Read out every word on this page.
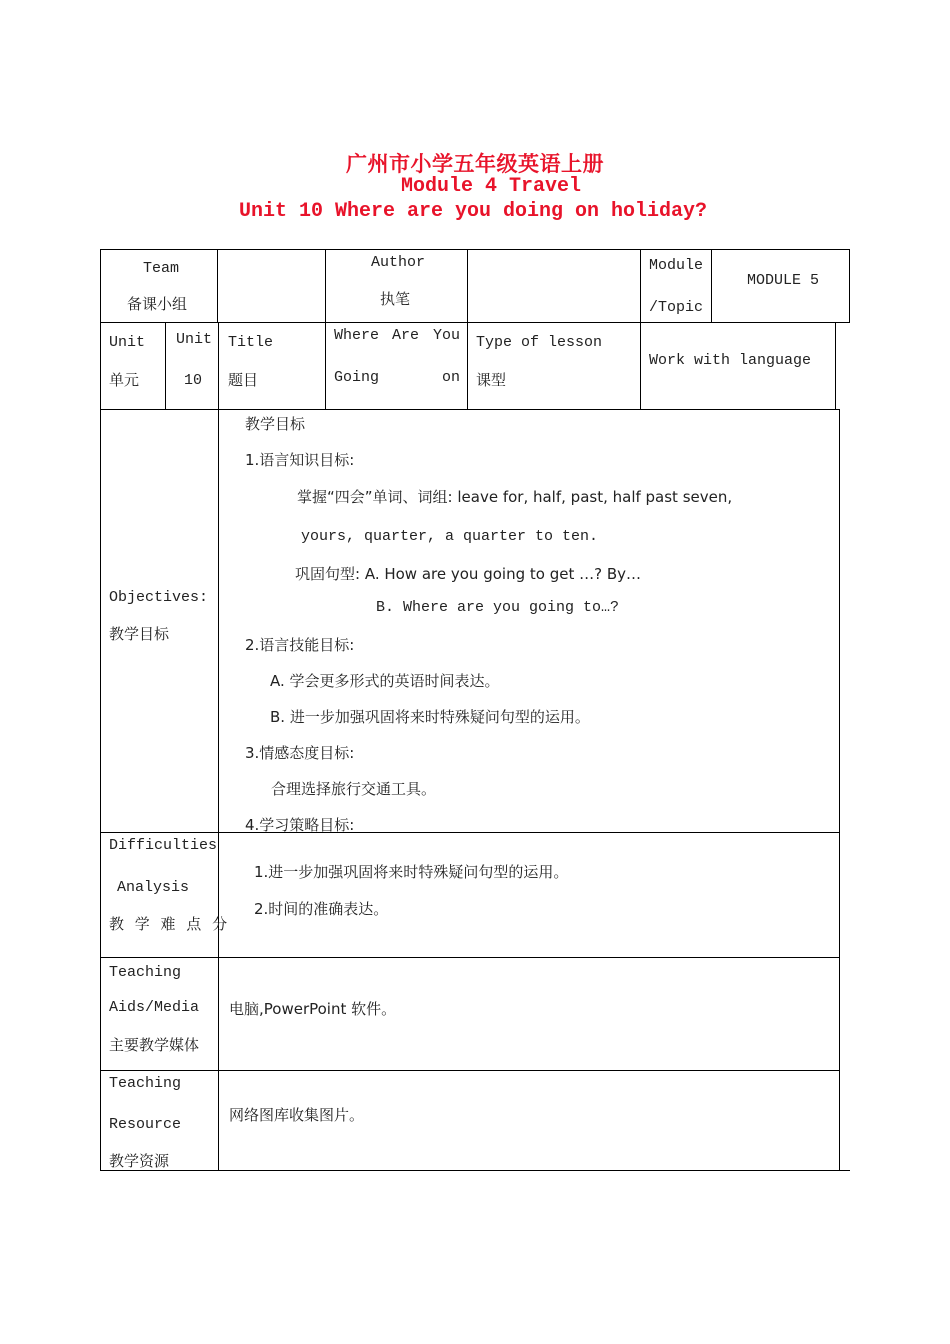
广州市小学五年级英语上册
Module 4 Travel
Unit 10 Where are you doing on holiday?
Team
备课小组
Author
执笔
Module
/Topic
MODULE 5
Unit
单元
Unit
10
Title
题目
Where Are You
Going	on
Type of lesson
课型
Work with language
Objectives:
教学目标
教学目标
1.语言知识目标:
掌握“四会”单词、词组: leave for, half, past, half past seven,
yours, quarter, a quarter to ten.
巩固句型: A. How are you going to get …? By…
B. Where are you going to…?
2.语言技能目标:
A. 学会更多形式的英语时间表达。
B. 进一步加强巩固将来时特殊疑问句型的运用。
3.情感态度目标:
合理选择旅行交通工具。
4.学习策略目标:
Difficulties
Analysis
教 学 难 点 分
1.进一步加强巩固将来时特殊疑问句型的运用。
2.时间的准确表达。
Teaching
Aids/Media
主要教学媒体
电脑,PowerPoint 软件。
Teaching
Resource
教学资源
网络图库收集图片。
